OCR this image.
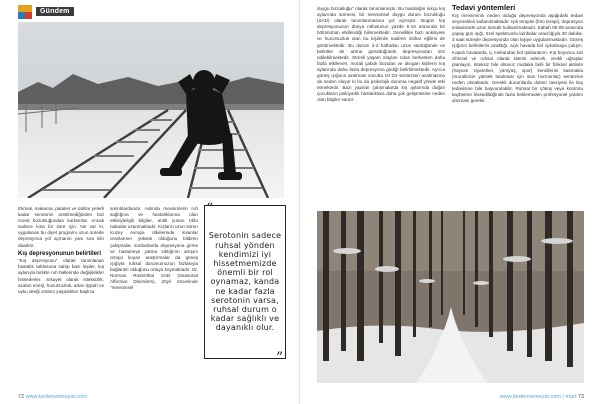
Gündem

Ekmek, makarna, patates ve tatlılar yeterli kadar serotonin üretilmediğinden bizi moral bozukluğundan kurtarırlar. Ancak sadece kısa bir süre için. Ne var ki, uygulanan bu diyet programı uzun sürede depresyona yol açmanın yanı sıra kilo daadırır.

Kış depresyonunun belirtileri

"Kış depresyonu" olarak tanımlanan hastalık tablosuna sahip bazı kişiler, kış aylarıyla birlikte ruh hallerinde değişiklikler hissederler. Sıkayet olarak isteksizlik, azalan enerji, huzursuzluk, artan işştah ve uyku isteği onların yaşadıkları başlıca

sıkıntılardandır. Aslında mevsimlerin ruh sağlığına ve hastalıklarına olan etkisiyleilgili bilgiler, antik yunan tıbbı nakadar uzanmaktadır. Kışların uzun sürerı Kuzey Avrupa ülkelerinde insanlar oranlarının yüksek olduğunu bildiren çalışmalar, sonbaharda depresyona girme ve hastaneye yatma sıklığının artışını ortaya koyan araştırmalar da güneş ışığıyla ruhsal durumumuzun fazlasıyla bağlantılı olduğunu ortaya koymaktadır. Dr. Norman Rosenthal SAD (Seasonal Affective Disorders), 20yıl öncesinde "mevsimsel

“
Serotonin sadece ruhsal yönden kendimizi iyi hissetmemizde önemli bir rol oynamaz, kanda ne kadar fazla serotonin varsa, ruhsal durum o kadar sağlıklı ve dayanıklı olur.
”
72 www.bedenvemeyat.com

duygu bozukluğu" olarak tanımlamıştır. Bu hastalığın sıkça kış aylarında sürmesi, bir mevsimsel duygu durum bozukluğu (SAD) olarak tanımlanmasına yol açmıştır. Bugün kış depresyonunun dünya nüfusunun yüzde 5-10 oranında bir bölümünün etkilendiği bilinmektedir. Genellikle bazı anksiyete ve huzursuzluk olan bu kişilerde nadiren intihar eğilimi de görülmektedir. Bu durum 2-3 haftadan uzun sürdüğünde ve belirtiler de artma görüldüğünde depresyondan söz edilebilmektedir. Stresli yaşam olayları ndan herkesten daha fazla etkilenen, morali çabuk bozulan ve alıngan kişilerin kış aylarında daha fazla depresyona girdiği belirtilmektedir. Ayrıca güneş ışığının azalması vücutta Vit D3 sentezinin azalmasına da neden oluyor ki bu da psikolojik duruma negatif yönde etki etmektedir. Bazı yapılan çalışmalarda kış aylarında doğan çocukların psikiyatrik hastalıklara daha çok gelişmesine neden olan bilgiler vardır.

Tedavi yöntemleri

Kış mevsiminin neden olduğu depresyonda aşağıdaki tedavi seçenekleri kullanılmaktadır. Işık terapisi (foto terapi), depresyon tedavisinde uzun süredir kullanılmaktadır. Sabah 06-08 arasında yapay gün ışığı, özel spektrumlu lambalar aracılığıyla 30 dakika-3 saat süreyle depresyonda olan kişiye uygulanmaktadır. Güneş ışığının belirtilerini azalttığı, açık havada bol ışıkalmaya çalışın. Kapalı havalarda, iç mekandan bol ışıklandırın. Kış boyunca sizi zihinsel ve ruhsal olarak tatmin edecek, zevkli uğraşlar planlayın. İsteksiz bile olsanız mutlaka belli bir fiziksel aktivite (hayvan ziyaretleri, yürüyüş, spor) kendilerini bakmakla (moralinizin yüksek tutulması için olan hormonlar) sentezine neden olmaktadır. Gerekli durumlarda doktor tavsiyesi ile ilaç tedavisine bile başvurulabilir. Ruhsal bir çöküş veya kontrolu kaybetme hissedildiğinde fazla beklemeden profesyonel yardım alınması gerekir.

www.bedenvemeyat.com | mart 73
